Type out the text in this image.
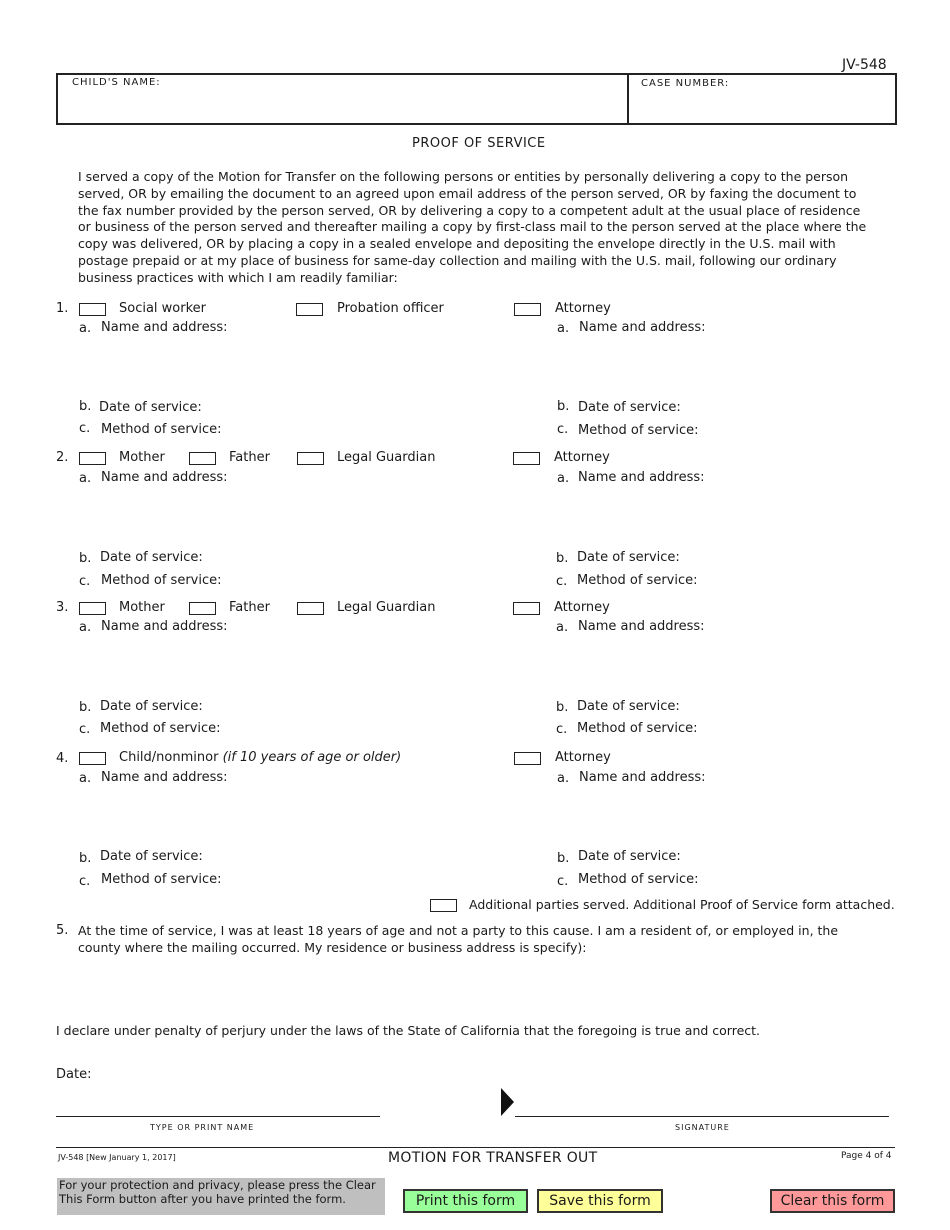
JV-548
CHILD'S NAME:	CASE NUMBER:
PROOF OF SERVICE
I served a copy of the Motion for Transfer on the following persons or entities by personally delivering a copy to the person served, OR by emailing the document to an agreed upon email address of the person served, OR by faxing the document to the fax number provided by the person served, OR by delivering a copy to a competent adult at the usual place of residence or business of the person served and thereafter mailing a copy by first-class mail to the person served at the place where the copy was delivered, OR by placing a copy in a sealed envelope and depositing the envelope directly in the U.S. mail with postage prepaid or at my place of business for same-day collection and mailing with the U.S. mail, following our ordinary business practices with which I am readily familiar:
1.	Social worker	Probation officer	Attorney
a. Name and address:	a. Name and address:
b. Date of service:	b. Date of service:
c. Method of service:	c. Method of service:
2.	Mother	Father	Legal Guardian	Attorney
a. Name and address:	a. Name and address:
b. Date of service:	b. Date of service:
c. Method of service:	c. Method of service:
3.	Mother	Father	Legal Guardian	Attorney
a. Name and address:	a. Name and address:
b. Date of service:	b. Date of service:
c. Method of service:	c. Method of service:
4.	Child/nonminor (if 10 years of age or older)	Attorney
a. Name and address:	a. Name and address:
b. Date of service:	b. Date of service:
c. Method of service:	c. Method of service:
Additional parties served. Additional Proof of Service form attached.
5. At the time of service, I was at least 18 years of age and not a party to this cause. I am a resident of, or employed in, the county where the mailing occurred. My residence or business address is specify):
I declare under penalty of perjury under the laws of the State of California that the foregoing is true and correct.
Date:
TYPE OR PRINT NAME	SIGNATURE
JV-548 [New January 1, 2017]	MOTION FOR TRANSFER OUT	Page 4 of 4
For your protection and privacy, please press the Clear This Form button after you have printed the form.	Print this form	Save this form	Clear this form
